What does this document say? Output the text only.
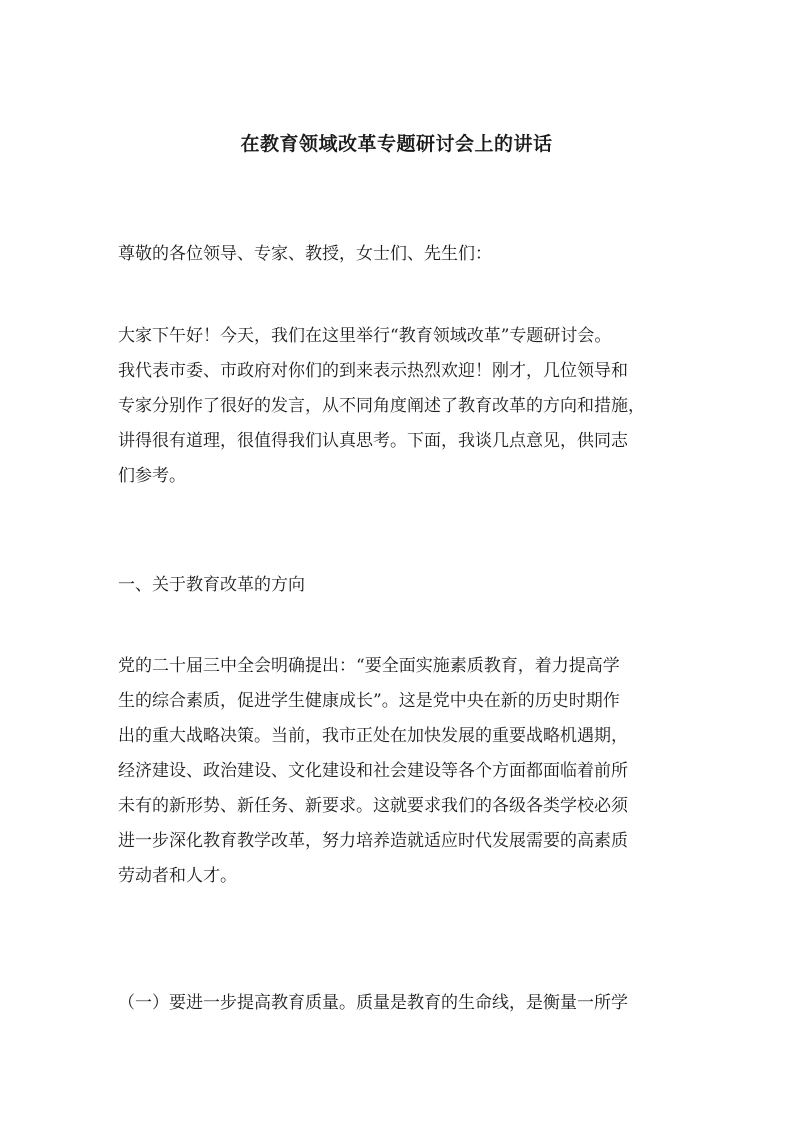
在教育领域改革专题研讨会上的讲话

尊敬的各位领导、专家、教授，女士们、先生们：

大家下午好！今天，我们在这里举行“教育领域改革”专题研讨会。
我代表市委、市政府对你们的到来表示热烈欢迎！刚才，几位领导和
专家分别作了很好的发言，从不同角度阐述了教育改革的方向和措施，
讲得很有道理，很值得我们认真思考。下面，我谈几点意见，供同志
们参考。

一、关于教育改革的方向

党的二十届三中全会明确提出：“要全面实施素质教育，着力提高学
生的综合素质，促进学生健康成长”。这是党中央在新的历史时期作
出的重大战略决策。当前，我市正处在加快发展的重要战略机遇期，
经济建设、政治建设、文化建设和社会建设等各个方面都面临着前所
未有的新形势、新任务、新要求。这就要求我们的各级各类学校必须
进一步深化教育教学改革，努力培养造就适应时代发展需要的高素质
劳动者和人才。

（一）要进一步提高教育质量。质量是教育的生命线，是衡量一所学
